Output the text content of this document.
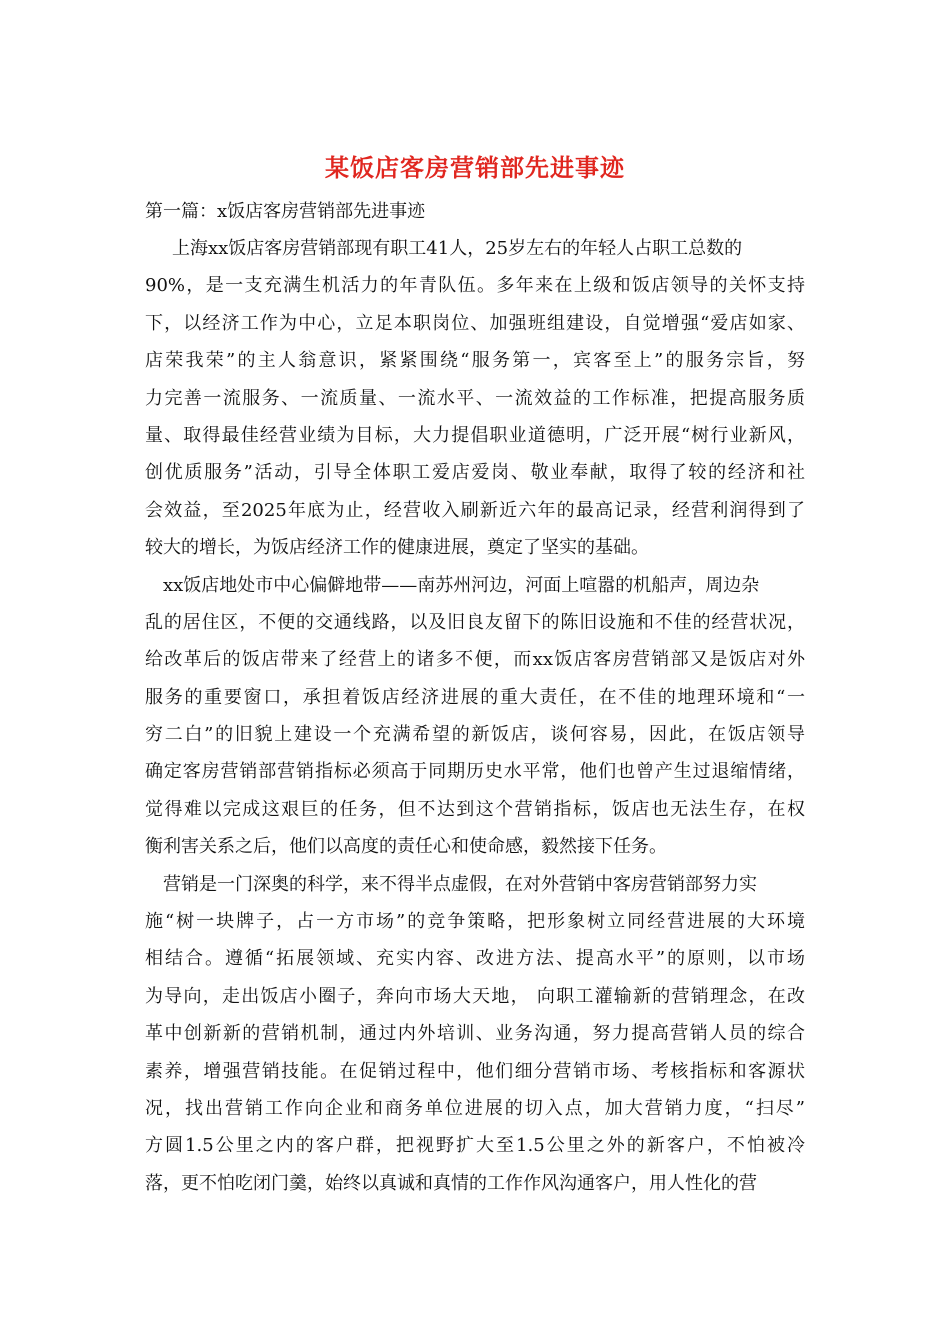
某饭店客房营销部先进事迹
第一篇：x饭店客房营销部先进事迹
上海xx饭店客房营销部现有职工41人，25岁左右的年轻人占职工总数的
90%，是一支充满生机活力的年青队伍。多年来在上级和饭店领导的关怀支持
下，以经济工作为中心，立足本职岗位、加强班组建设，自觉增强“爱店如家、
店荣我荣”的主人翁意识，紧紧围绕“服务第一，宾客至上”的服务宗旨，努
力完善一流服务、一流质量、一流水平、一流效益的工作标准，把提高服务质
量、取得最佳经营业绩为目标，大力提倡职业道德明，广泛开展“树行业新风，
创优质服务”活动，引导全体职工爱店爱岗、敬业奉献，取得了较的经济和社
会效益，至2025年底为止，经营收入刷新近六年的最高记录，经营利润得到了
较大的增长，为饭店经济工作的健康进展，奠定了坚实的基础。
xx饭店地处市中心偏僻地带——南苏州河边，河面上喧嚣的机船声，周边杂
乱的居住区，不便的交通线路，以及旧良友留下的陈旧设施和不佳的经营状况，
给改革后的饭店带来了经营上的诸多不便，而xx饭店客房营销部又是饭店对外
服务的重要窗口，承担着饭店经济进展的重大责任，在不佳的地理环境和“一
穷二白”的旧貌上建设一个充满希望的新饭店，谈何容易，因此，在饭店领导
确定客房营销部营销指标必须高于同期历史水平常，他们也曾产生过退缩情绪，
觉得难以完成这艰巨的任务，但不达到这个营销指标，饭店也无法生存，在权
衡利害关系之后，他们以高度的责任心和使命感，毅然接下任务。
营销是一门深奥的科学，来不得半点虚假，在对外营销中客房营销部努力实
施“树一块牌子，占一方市场”的竞争策略，把形象树立同经营进展的大环境
相结合。遵循“拓展领域、充实内容、改进方法、提高水平”的原则，以市场
为导向，走出饭店小圈子，奔向市场大天地， 向职工灌输新的营销理念，在改
革中创新新的营销机制，通过内外培训、业务沟通，努力提高营销人员的综合
素养，增强营销技能。在促销过程中，他们细分营销市场、考核指标和客源状
况，找出营销工作向企业和商务单位进展的切入点，加大营销力度，“扫尽”
方圆1.5公里之内的客户群，把视野扩大至1.5公里之外的新客户，不怕被冷
落，更不怕吃闭门羹，始终以真诚和真情的工作作风沟通客户，用人性化的营
